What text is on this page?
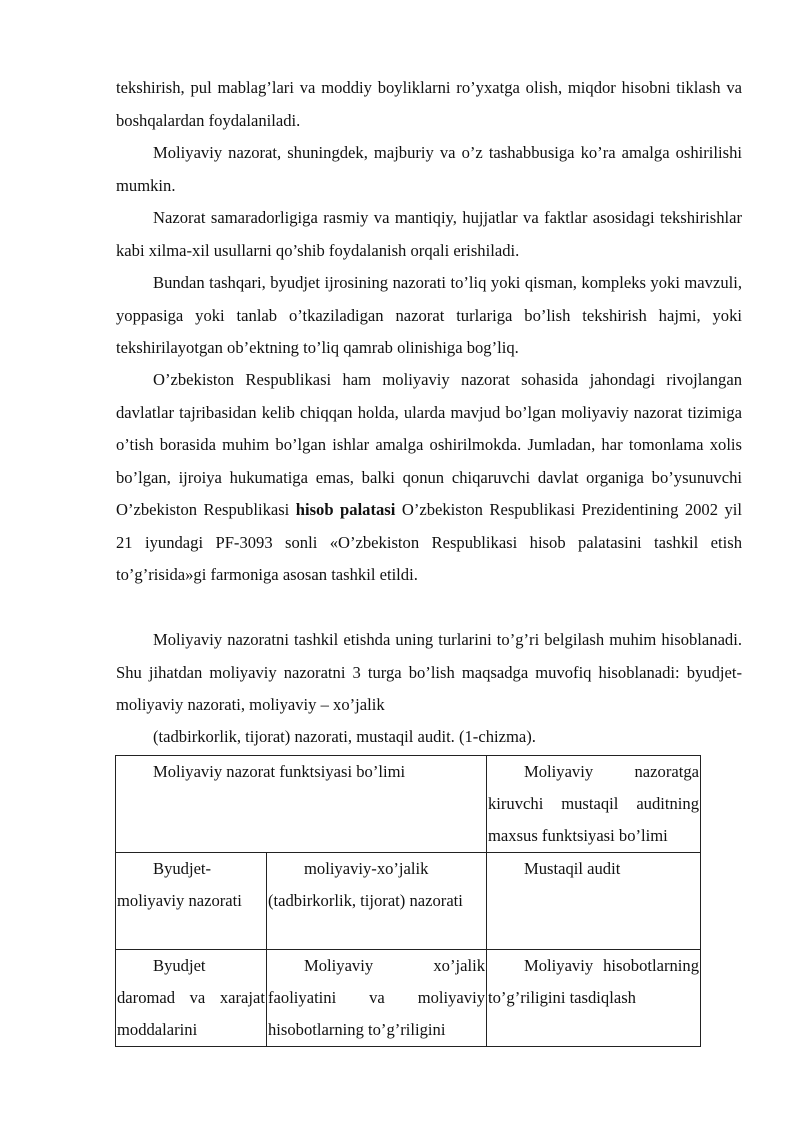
tekshirish, pul mablag’lari va moddiy boyliklarni ro’yxatga olish, miqdor hisobni tiklash va boshqalardan foydalaniladi.

Moliyaviy nazorat, shuningdek, majburiy va o’z tashabbusiga ko’ra amalga oshirilishi mumkin.

Nazorat samaradorligiga rasmiy va mantiqiy, hujjatlar va faktlar asosidagi tekshirishlar kabi xilma-xil usullarni qo’shib foydalanish orqali erishiladi.

Bundan tashqari, byudjet ijrosining nazorati to’liq yoki qisman, kompleks yoki mavzuli, yoppasiga yoki tanlab o’tkaziladigan nazorat turlariga bo’lish tekshirish hajmi, yoki tekshirilayotgan ob’ektning to’liq qamrab olinishiga bog’liq.

O’zbekiston Respublikasi ham moliyaviy nazorat sohasida jahondagi rivojlangan davlatlar tajribasidan kelib chiqqan holda, ularda mavjud bo’lgan moliyaviy nazorat tizimiga o’tish borasida muhim bo’lgan ishlar amalga oshirilmokda. Jumladan, har tomonlama xolis bo’lgan, ijroiya hukumatiga emas, balki qonun chiqaruvchi davlat organiga bo’ysunuvchi O’zbekiston Respublikasi hisob palatasi O’zbekiston Respublikasi Prezidentining 2002 yil 21 iyundagi PF-3093 sonli «O’zbekiston Respublikasi hisob palatasini tashkil etish to’g’risida»gi farmoniga asosan tashkil etildi.

Moliyaviy nazoratni tashkil etishda uning turlarini to’g’ri belgilash muhim hisoblanadi. Shu jihatdan moliyaviy nazoratni 3 turga bo’lish maqsadga muvofiq hisoblanadi: byudjet-moliyaviy nazorati, moliyaviy – xo’jalik

(tadbirkorlik, tijorat) nazorati, mustaqil audit. (1-chizma).

Moliyaviy nazorat funktsiyasi bo’limi		Moliyaviy nazoratga kiruvchi mustaqil auditning maxsus funktsiyasi bo’limi
Byudjet-moliyaviy nazorati	moliyaviy-xo’jalik (tadbirkorlik, tijorat) nazorati	Mustaqil audit
Byudjet daromad va xarajat moddalarini	Moliyaviy xo’jalik faoliyatini va moliyaviy hisobotlarning to’g’riligini	Moliyaviy hisobotlarning to’g’riligini tasdiqlash
